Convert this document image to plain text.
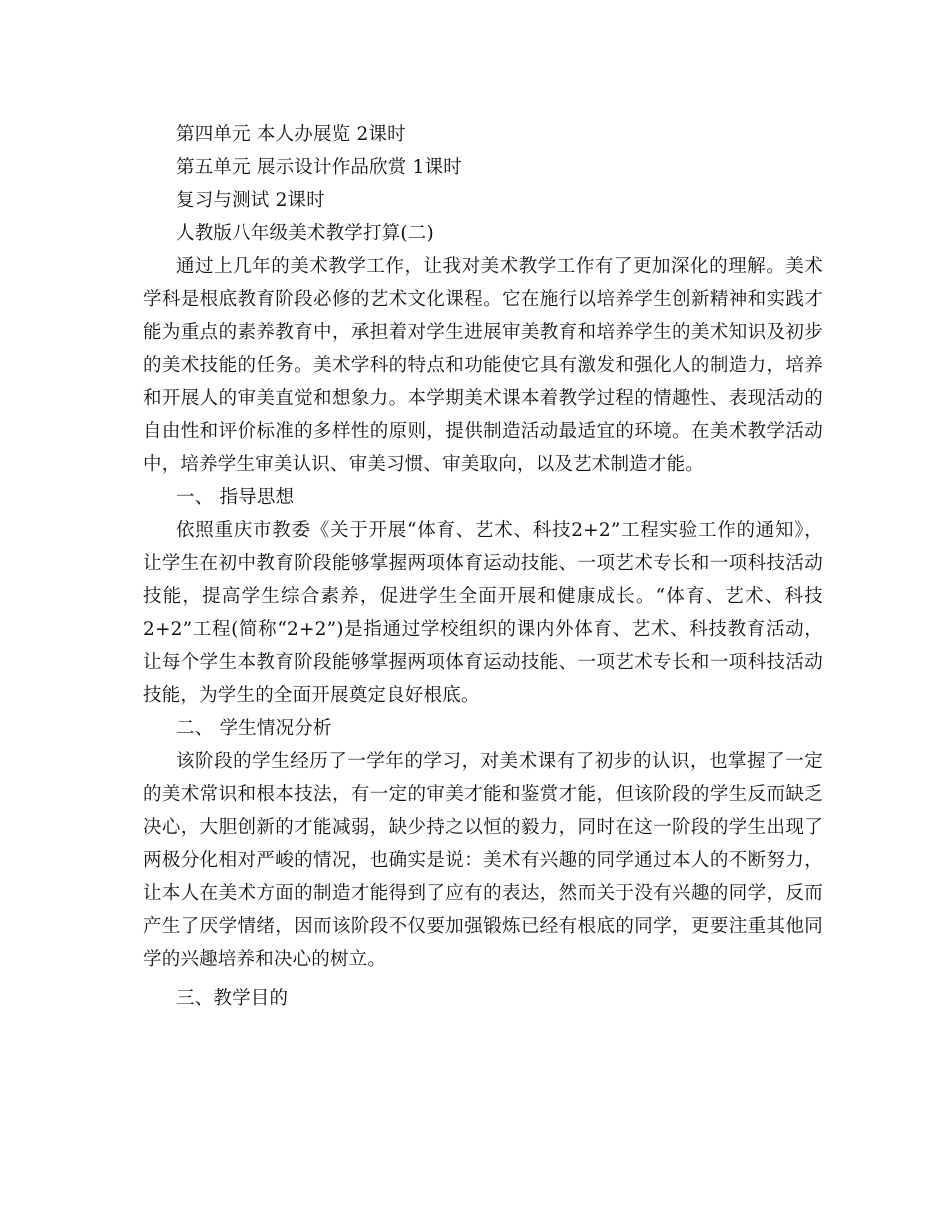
第四单元 本人办展览 2课时
第五单元 展示设计作品欣赏 1课时
复习与测试 2课时
人教版八年级美术教学打算(二)

通过上几年的美术教学工作，让我对美术教学工作有了更加深化的理解。美术学科是根底教育阶段必修的艺术文化课程。它在施行以培养学生创新精神和实践才能为重点的素养教育中，承担着对学生进展审美教育和培养学生的美术知识及初步的美术技能的任务。美术学科的特点和功能使它具有激发和强化人的制造力，培养和开展人的审美直觉和想象力。本学期美术课本着教学过程的情趣性、表现活动的自由性和评价标准的多样性的原则，提供制造活动最适宜的环境。在美术教学活动中，培养学生审美认识、审美习惯、审美取向，以及艺术制造才能。

一、 指导思想

依照重庆市教委《关于开展“体育、艺术、科技2+2”工程实验工作的通知》，让学生在初中教育阶段能够掌握两项体育运动技能、一项艺术专长和一项科技活动技能，提高学生综合素养，促进学生全面开展和健康成长。“体育、艺术、科技2+2”工程(简称“2+2”)是指通过学校组织的课内外体育、艺术、科技教育活动，让每个学生本教育阶段能够掌握两项体育运动技能、一项艺术专长和一项科技活动技能，为学生的全面开展奠定良好根底。

二、 学生情况分析

该阶段的学生经历了一学年的学习，对美术课有了初步的认识，也掌握了一定的美术常识和根本技法，有一定的审美才能和鉴赏才能，但该阶段的学生反而缺乏决心，大胆创新的才能减弱，缺少持之以恒的毅力，同时在这一阶段的学生出现了两极分化相对严峻的情况，也确实是说：美术有兴趣的同学通过本人的不断努力，让本人在美术方面的制造才能得到了应有的表达，然而关于没有兴趣的同学，反而产生了厌学情绪，因而该阶段不仅要加强锻炼已经有根底的同学，更要注重其他同学的兴趣培养和决心的树立。

三、教学目的
